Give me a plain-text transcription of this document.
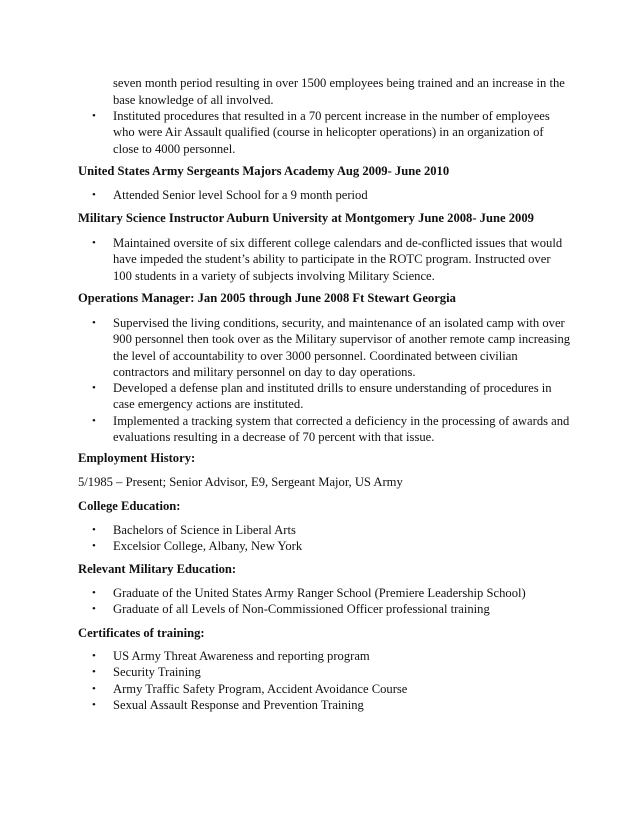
seven month period resulting in over 1500 employees being trained and an increase in the base knowledge of all involved.
• Instituted procedures that resulted in a 70 percent increase in the number of employees who were Air Assault qualified (course in helicopter operations) in an organization of close to 4000 personnel.
United States Army Sergeants Majors Academy Aug 2009- June 2010
• Attended Senior level School for a 9 month period
Military Science Instructor Auburn University at Montgomery June 2008- June 2009
• Maintained oversite of six different college calendars and de-conflicted issues that would have impeded the student’s ability to participate in the ROTC program. Instructed over 100 students in a variety of subjects involving Military Science.
Operations Manager: Jan 2005 through June 2008 Ft Stewart Georgia
• Supervised the living conditions, security, and maintenance of an isolated camp with over 900 personnel then took over as the Military supervisor of another remote camp increasing the level of accountability to over 3000 personnel. Coordinated between civilian contractors and military personnel on day to day operations.
• Developed a defense plan and instituted drills to ensure understanding of procedures in case emergency actions are instituted.
• Implemented a tracking system that corrected a deficiency in the processing of awards and evaluations resulting in a decrease of 70 percent with that issue.
Employment History:
5/1985 – Present; Senior Advisor, E9, Sergeant Major, US Army
College Education:
• Bachelors of Science in Liberal Arts
• Excelsior College, Albany, New York
Relevant Military Education:
• Graduate of the United States Army Ranger School (Premiere Leadership School)
• Graduate of all Levels of Non-Commissioned Officer professional training
Certificates of training:
• US Army Threat Awareness and reporting program
• Security Training
• Army Traffic Safety Program, Accident Avoidance Course
• Sexual Assault Response and Prevention Training
